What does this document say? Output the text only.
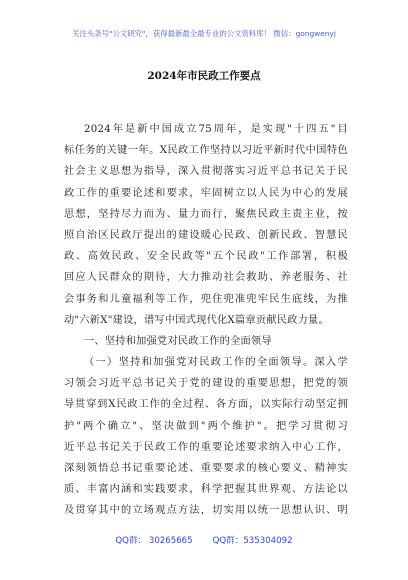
关注头条号"公文研究"，获得最新最全最专业的公文资料库！ 微信：gongwenyj
2024年市民政工作要点
2024年是新中国成立75周年，是实现"十四五"目
标任务的关键一年。X民政工作坚持以习近平新时代中国特色
社会主义思想为指导，深入贯彻落实习近平总书记关于民
政工作的重要论述和要求，牢固树立以人民为中心的发展
思想，坚持尽力而为、量力而行，聚焦民政主责主业，按
照自治区民政厅提出的建设暖心民政、创新民政、智慧民
政、高效民政、安全民政等"五个民政"工作部署，积极
回应人民群众的期待，大力推动社会救助、养老服务、社
会事务和儿童福利等工作，兜住兜准兜牢民生底线，为推
动"六新X"建设，谱写中国式现代化X篇章贡献民政力量。
一、坚持和加强党对民政工作的全面领导
（一）坚持和加强党对民政工作的全面领导。深入学
习领会习近平总书记关于党的建设的重要思想，把党的领
导贯穿到X民政工作的全过程、各方面，以实际行动坚定拥
护"两个确立"、坚决做到"两个维护"。把学习贯彻习
近平总书记关于民政工作的重要论述要求纳入中心工作，
深刻领悟总书记重要论述、重要要求的核心要义、精神实
质、丰富内涵和实践要求，科学把握其世界观、方法论以
及贯穿其中的立场观点方法，切实用以统一思想认识、明
QQ群： 30265665 QQ群：535304092
